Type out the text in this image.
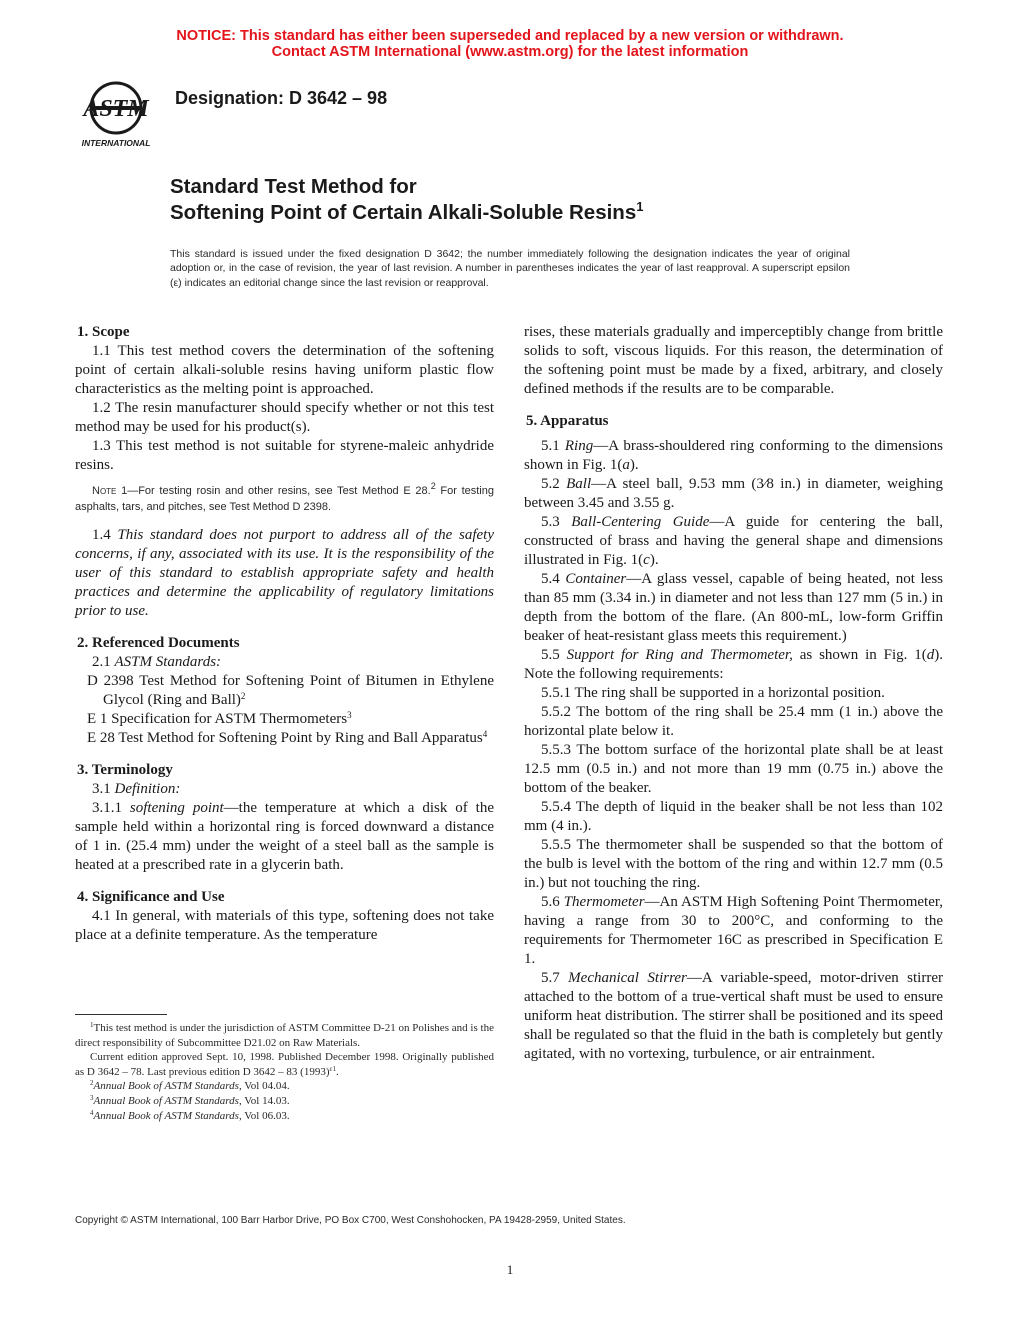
NOTICE: This standard has either been superseded and replaced by a new version or withdrawn.
Contact ASTM International (www.astm.org) for the latest information
ASTM
INTERNATIONAL
Designation: D 3642 – 98
Standard Test Method for
Softening Point of Certain Alkali-Soluble Resins$^1$
This standard is issued under the fixed designation D 3642; the number immediately following the designation indicates the year of original adoption or, in the case of revision, the year of last revision. A number in parentheses indicates the year of last reapproval. A superscript epsilon (ε) indicates an editorial change since the last revision or reapproval.
1. Scope

1.1 This test method covers the determination of the softening point of certain alkali-soluble resins having uniform plastic flow characteristics as the melting point is approached.

1.2 The resin manufacturer should specify whether or not this test method may be used for his product(s).

1.3 This test method is not suitable for styrene-maleic anhydride resins.

Note 1—For testing rosin and other resins, see Test Method E 28.$^2$ For testing asphalts, tars, and pitches, see Test Method D 2398.

1.4 This standard does not purport to address all of the safety concerns, if any, associated with its use. It is the responsibility of the user of this standard to establish appropriate safety and health practices and determine the applicability of regulatory limitations prior to use.

2. Referenced Documents

2.1 ASTM Standards:

D 2398 Test Method for Softening Point of Bitumen in Ethylene Glycol (Ring and Ball)$^2$

E 1 Specification for ASTM Thermometers$^3$

E 28 Test Method for Softening Point by Ring and Ball Apparatus$^4$

3. Terminology

3.1 Definition:

3.1.1 softening point—the temperature at which a disk of the sample held within a horizontal ring is forced downward a distance of 1 in. (25.4 mm) under the weight of a steel ball as the sample is heated at a prescribed rate in a glycerin bath.

4. Significance and Use

4.1 In general, with materials of this type, softening does not take place at a definite temperature. As the temperature

rises, these materials gradually and imperceptibly change from brittle solids to soft, viscous liquids. For this reason, the determination of the softening point must be made by a fixed, arbitrary, and closely defined methods if the results are to be comparable.

5. Apparatus

5.1 Ring—A brass-shouldered ring conforming to the dimensions shown in Fig. 1(a).

5.2 Ball—A steel ball, 9.53 mm (3⁄8 in.) in diameter, weighing between 3.45 and 3.55 g.

5.3 Ball-Centering Guide—A guide for centering the ball, constructed of brass and having the general shape and dimensions illustrated in Fig. 1(c).

5.4 Container—A glass vessel, capable of being heated, not less than 85 mm (3.34 in.) in diameter and not less than 127 mm (5 in.) in depth from the bottom of the flare. (An 800-mL, low-form Griffin beaker of heat-resistant glass meets this requirement.)

5.5 Support for Ring and Thermometer, as shown in Fig. 1(d). Note the following requirements:

5.5.1 The ring shall be supported in a horizontal position.

5.5.2 The bottom of the ring shall be 25.4 mm (1 in.) above the horizontal plate below it.

5.5.3 The bottom surface of the horizontal plate shall be at least 12.5 mm (0.5 in.) and not more than 19 mm (0.75 in.) above the bottom of the beaker.

5.5.4 The depth of liquid in the beaker shall be not less than 102 mm (4 in.).

5.5.5 The thermometer shall be suspended so that the bottom of the bulb is level with the bottom of the ring and within 12.7 mm (0.5 in.) but not touching the ring.

5.6 Thermometer—An ASTM High Softening Point Thermometer, having a range from 30 to 200°C, and conforming to the requirements for Thermometer 16C as prescribed in Specification E 1.

5.7 Mechanical Stirrer—A variable-speed, motor-driven stirrer attached to the bottom of a true-vertical shaft must be used to ensure uniform heat distribution. The stirrer shall be positioned and its speed shall be regulated so that the fluid in the bath is completely but gently agitated, with no vortexing, turbulence, or air entrainment.

$^1$This test method is under the jurisdiction of ASTM Committee D-21 on Polishes and is the direct responsibility of Subcommittee D21.02 on Raw Materials.

Current edition approved Sept. 10, 1998. Published December 1998. Originally published as D 3642 – 78. Last previous edition D 3642 – 83 $(1993)^{\varepsilon 1}$.

$^2$Annual Book of ASTM Standards, Vol 04.04.

$^3$Annual Book of ASTM Standards, Vol 14.03.

$^4$Annual Book of ASTM Standards, Vol 06.03.

Copyright © ASTM International, 100 Barr Harbor Drive, PO Box C700, West Conshohocken, PA 19428-2959, United States.
1
